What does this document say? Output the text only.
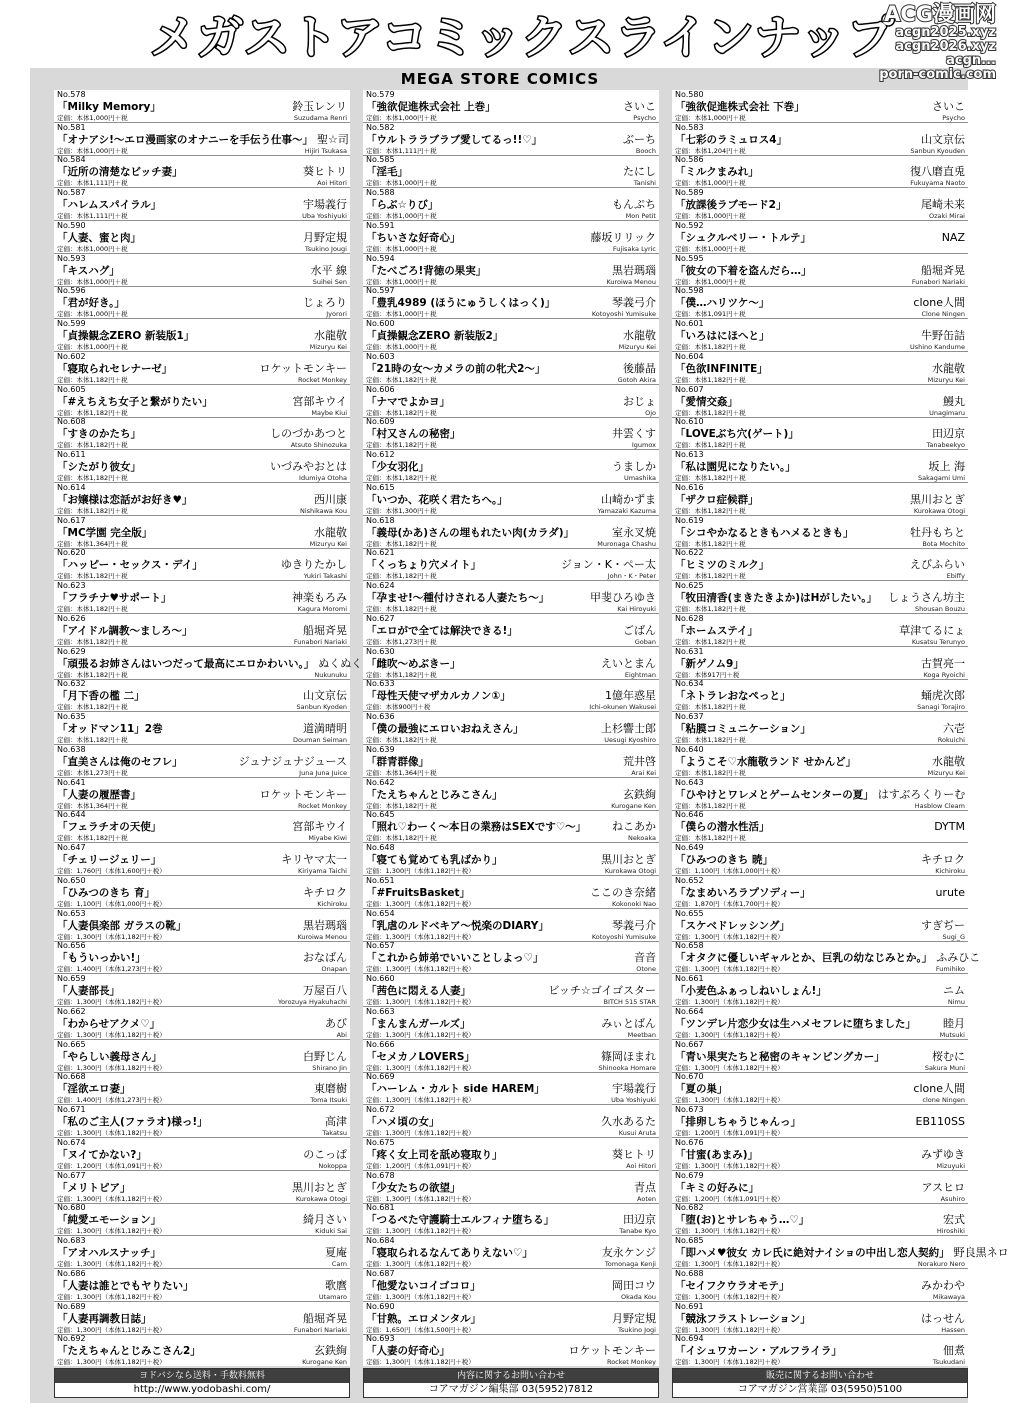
メガストアコミックスラインナップ
MEGA STORE COMICS
ACG漫画网
acgn2025.xyz
acgn2026.xyz
acgn...
porn-comic.com
No.578
「Milky Memory」	鈴玉レンリ
定価：本体1,000円＋税	Suzudama Renri
No.581
「オナアシ!～エロ漫画家のオナニーを手伝う仕事～」 聖☆司
定価：本体1,000円＋税	Hijiri Tsukasa
No.584
「近所の清楚なビッチ妻」	葵ヒトリ
定価：本体1,111円＋税	Aoi Hitori
No.587
「ハレムスパイラル」	宇場義行
定価：本体1,111円＋税	Uba Yoshiyuki
No.590
「人妻、蜜と肉」	月野定規
定価：本体1,000円＋税	Tsukino Jougi
No.593
「キスハグ」	水平 線
定価：本体1,000円＋税	Suihei Sen
No.596
「君が好き。」	じょろり
定価：本体1,000円＋税	Jyorori
No.599
「貞操観念ZERO 新装版1」	水龍敬
定価：本体1,000円＋税	Mizuryu Kei
No.602
「寝取られセレナーゼ」	ロケットモンキー
定価：本体1,182円＋税	Rocket Monkey
No.605
「#えちえち女子と繋がりたい」	宮部キウイ
定価：本体1,182円＋税	Maybe Kiui
No.608
「すきのかたち」	しのづかあつと
定価：本体1,182円＋税	Atsuto Shinozuka
No.611
「シたがり彼女」	いづみやおとは
定価：本体1,182円＋税	Idumiya Otoha
No.614
「お嬢様は恋話がお好き♥」	西川康
定価：本体1,182円＋税	Nishikawa Kou
No.617
「MC学園 完全版」	水龍敬
定価：本体1,364円＋税	Mizuryu Kei
No.620
「ハッピー・セックス・デイ」	ゆきりたかし
定価：本体1,182円＋税	Yukiri Takashi
No.623
「フラチナ♥サポート」	神楽もろみ
定価：本体1,182円＋税	Kagura Moromi
No.626
「アイドル調教～ましろ～」	船堀斉晃
定価：本体1,182円＋税	Funabori Nariaki
No.629
「頑張るお姉さんはいつだって最高にエロかわいい。」 ぬくぬく
定価：本体1,182円＋税	Nukunuku
No.632
「月下香の檻 二」	山文京伝
定価：本体1,182円＋税	Sanbun Kyoden
No.635
「オッドマン11」2巻	道満晴明
定価：本体1,182円＋税	Douman Seiman
No.638
「直美さんは俺のセフレ」	ジュナジュナジュース
定価：本体1,273円＋税	Juna Juna Juice
No.641
「人妻の履歴書」	ロケットモンキー
定価：本体1,364円＋税	Rocket Monkey
No.644
「フェラチオの天使」	宮部キウイ
定価：本体1,182円＋税	Miyabe Kiwi
No.647
「チェリージェリー」	キリヤマ太一
定価：1,760円（本体1,600円＋税）	Kiriyama Taichi
No.650
「ひみつのきち 育」	キチロク
定価：1,100円（本体1,000円＋税）	Kichiroku
No.653
「人妻倶楽部 ガラスの靴」	黒岩瑪瑙
定価：1,300円（本体1,182円＋税）	Kuroiwa Menou
No.656
「もういっかい!」	おなばん
定価：1,400円（本体1,273円＋税）	Onapan
No.659
「人妻部長」	万屋百八
定価：1,300円（本体1,182円＋税）	Yorozuya Hyakuhachi
No.662
「わからせアクメ♡」	あび
定価：1,300円（本体1,182円＋税）	Abi
No.665
「やらしい義母さん」	白野じん
定価：1,300円（本体1,182円＋税）	Shirano Jin
No.668
「淫欲エロ妻」	東磨樹
定価：1,400円（本体1,273円＋税）	Toma Itsuki
No.671
「私のご主人(ファラオ)様っ!」	高津
定価：1,300円（本体1,182円＋税）	Takatsu
No.674
「ヌイてかない?」	のこっぱ
定価：1,200円（本体1,091円＋税）	Nokoppa
No.677
「メリトピア」	黒川おとぎ
定価：1,300円（本体1,182円＋税）	Kurokawa Otogi
No.680
「純愛エモーション」	綺月さい
定価：1,300円（本体1,182円＋税）	Kiduki Sai
No.683
「アオハルスナッチ」	夏庵
定価：1,300円（本体1,182円＋税）	Carn
No.686
「人妻は誰とでもヤりたい」	歌麿
定価：1,300円（本体1,182円＋税）	Utamaro
No.689
「人妻再調教日誌」	船堀斉晃
定価：1,300円（本体1,182円＋税）	Funabori Nariaki
No.692
「たえちゃんとじみこさん2」	玄鉄絢
定価：1,300円（本体1,182円＋税）	Kurogane Ken
No.579
「強欲促進株式会社 上巻」	さいこ
定価：本体1,000円＋税	Psycho
No.582
「ウルトララブラブ愛してるっ!!♡」	ぶーち
定価：本体1,111円＋税	Booch
No.585
「淫毛」	たにし
定価：本体1,000円＋税	Tanishi
No.588
「らぶ☆りび」	もんぷち
定価：本体1,000円＋税	Mon Petit
No.591
「ちいさな好奇心」	藤坂リリック
定価：本体1,000円＋税	Fujisaka Lyric
No.594
「たべごろ!背徳の果実」	黒岩瑪瑙
定価：本体1,000円＋税	Kuroiwa Menou
No.597
「豊乳4989 (ほうにゅうしくはっく)」	琴義弓介
定価：本体1,000円＋税	Kotoyoshi Yumisuke
No.600
「貞操観念ZERO 新装版2」	水龍敬
定価：本体1,000円＋税	Mizuryu Kei
No.603
「21時の女～カメラの前の牝犬2～」	後藤晶
定価：本体1,182円＋税	Gotoh Akira
No.606
「ナマでよかヨ」	おじょ
定価：本体1,182円＋税	Ojo
No.609
「村又さんの秘密」	井雲くす
定価：本体1,182円＋税	Igumox
No.612
「少女羽化」	うましか
定価：本体1,182円＋税	Umashika
No.615
「いつか、花咲く君たちへ。」	山崎かずま
定価：本体1,300円＋税	Yamazaki Kazuma
No.618
「義母(かあ)さんの埋もれたい肉(カラダ)」	室永叉焼
定価：本体1,182円＋税	Muronaga Chashu
No.621
「くっちょり穴メイト」	ジョン・K・ペー太
定価：本体1,182円＋税	John・K・Peter
No.624
「孕ませ!～種付けされる人妻たち～」	甲斐ひろゆき
定価：本体1,182円＋税	Kai Hiroyuki
No.627
「エロがで全ては解決できる!」	ごばん
定価：本体1,273円＋税	Goban
No.630
「雌吹～めぶきー」	えいとまん
定価：本体1,182円＋税	Eightman
No.633
「母性天使マザカルカノン①」	1億年惑星
定価：本体900円＋税	Ichi-okunen Wakusei
No.636
「僕の最強にエロいおねえさん」	上杉響士郎
定価：本体1,182円＋税	Uesugi Kyoshiro
No.639
「群青群像」	荒井啓
定価：本体1,364円＋税	Arai Kei
No.642
「たえちゃんとじみこさん」	玄鉄絢
定価：本体1,182円＋税	Kurogane Ken
No.645
「照れ♡わーく～本日の業務はSEXです♡～」 ねこあか
定価：本体1,182円＋税	Nekoaka
No.648
「寝ても覚めても乳ばかり」	黒川おとぎ
定価：1,300円（本体1,182円＋税）	Kurokawa Otogi
No.651
「#FruitsBasket」	ここのき奈緒
定価：1,300円（本体1,182円＋税）	Kokonoki Nao
No.654
「乳虐のルドベキア～悦楽のDIARY」	琴義弓介
定価：1,300円（本体1,182円＋税）	Kotoyoshi Yumisuke
No.657
「これから姉弟でいいことしよっ♡」	音音
定価：1,300円（本体1,182円＋税）	Otone
No.660
「茜色に悶える人妻」	ビッチ☆ゴイゴスター
定価：1,300円（本体1,182円＋税）	BITCH 515 STAR
No.663
「まんまんガールズ」	みぃとばん
定価：1,300円（本体1,182円＋税）	Meetban
No.666
「セメカノLOVERS」	篠岡ほまれ
定価：1,300円（本体1,182円＋税）	Shinooka Homare
No.669
「ハーレム・カルト side HAREM」	宇場義行
定価：1,300円（本体1,182円＋税）	Uba Yoshiyuki
No.672
「ハメ頃の女」	久水あるた
定価：1,300円（本体1,182円＋税）	Kusui Aruta
No.675
「疼く女上司を舐め寝取り」	葵ヒトリ
定価：1,200円（本体1,091円＋税）	Aoi Hitori
No.678
「少女たちの欲望」	青点
定価：1,300円（本体1,182円＋税）	Aoten
No.681
「つるぺた守護騎士エルフィナ堕ちる」	田辺京
定価：1,300円（本体1,182円＋税）	Tanabe Kyo
No.684
「寝取られるなんてありえない♡」	友永ケンジ
定価：1,300円（本体1,182円＋税）	Tomonaga Kenji
No.687
「他愛ないコイゴコロ」	岡田コウ
定価：1,300円（本体1,182円＋税）	Okada Kou
No.690
「甘熟。エロメンタル」	月野定規
定価：1,650円（本体1,500円＋税）	Tsukino Jogi
No.693
「人妻の好奇心」	ロケットモンキー
定価：1,300円（本体1,182円＋税）	Rocket Monkey
No.580
「強欲促進株式会社 下巻」	さいこ
定価：本体1,000円＋税	Psycho
No.583
「七彩のラミュロス4」	山文京伝
定価：本体1,204円＋税	Sanbun Kyouden
No.586
「ミルクまみれ」	復八磨直兎
定価：本体1,000円＋税	Fukuyama Naoto
No.589
「放課後ラブモード2」	尾崎未来
定価：本体1,000円＋税	Ozaki Mirai
No.592
「シュクルベリー・トルテ」	NAZ
定価：本体1,000円＋税
No.595
「彼女の下着を盗んだら…」	船堀斉晃
定価：本体1,000円＋税	Funabori Nariaki
No.598
「僕…ハリツケ～」	clone人間
定価：本体1,091円＋税	Clone Ningen
No.601
「いろはにほへと」	牛野缶詰
定価：本体1,182円＋税	Ushino Kandume
No.604
「色欲INFINITE」	水龍敬
定価：本体1,182円＋税	Mizuryu Kei
No.607
「愛情交姦」	鰻丸
定価：本体1,182円＋税	Unagimaru
No.610
「LOVEぶち穴(ゲート)」	田辺京
定価：本体1,182円＋税	Tanabeekyo
No.613
「私は園児になりたい。」	坂上 海
定価：本体1,182円＋税	Sakagami Umi
No.616
「ザクロ症候群」	黒川おとぎ
定価：本体1,182円＋税	Kurokawa Otogi
No.619
「シコやかなるときもハメるときも」	牡丹もちと
定価：本体1,182円＋税	Bota Mochito
No.622
「ヒミツのミルク」	えびふらい
定価：本体1,182円＋税	Ebiffy
No.625
「牧田清香(まきたきよか)はHがしたい。」 しょうさん坊主
定価：本体1,182円＋税	Shousan Bouzu
No.628
「ホームステイ」	草津てるにょ
定価：本体1,182円＋税	Kusatsu Terunyo
No.631
「新ゲノム9」	古賀亮一
定価：本体917円＋税	Koga Ryoichi
No.634
「ネトラレおなぺっと」	蛹虎次郎
定価：本体1,182円＋税	Sanagi Torajiro
No.637
「粘膜コミュニケーション」	六壱
定価：本体1,182円＋税	Rokuichi
No.640
「ようこそ♡水龍敬ランド せかんど」	水龍敬
定価：本体1,182円＋税	Mizuryu Kei
No.643
「ひやけとワレメとゲームセンターの夏」 はすぶろくりーむ
定価：本体1,182円＋税	Hasblow Cleam
No.646
「僕らの潜水性活」	DYTM
定価：本体1,182円＋税
No.649
「ひみつのきち 暁」	キチロク
定価：1,100円（本体1,000円＋税）	Kichiroku
No.652
「なまめいろラプソディー」	urute
定価：1,870円（本体1,700円＋税）
No.655
「スケベドレッシング」	すぎぢー
定価：1,300円（本体1,182円＋税）	Sugi_G
No.658
「オタクに優しいギャルとか、巨乳の幼なじみとか。」 ふみひこ
定価：1,300円（本体1,182円＋税）	Fumihiko
No.661
「小麦色ふぁっしねいしょん!」	ニム
定価：1,300円（本体1,182円＋税）	Nimu
No.664
「ツンデレ片恋少女は生ハメセフレに堕ちました」 睦月
定価：1,300円（本体1,182円＋税）	Mutsuki
No.667
「青い果実たちと秘密のキャンピングカー」	桜むに
定価：1,300円（本体1,182円＋税）	Sakura Muni
No.670
「夏の巣」	clone人間
定価：1,300円（本体1,182円＋税）	clone Ningen
No.673
「排卵しちゃうじゃんっ」	EB110SS
定価：1,200円（本体1,091円＋税）
No.676
「甘蜜(あまみ)」	みずゆき
定価：1,300円（本体1,182円＋税）	Mizuyuki
No.679
「キミの好みに」	アスヒロ
定価：1,200円（本体1,091円＋税）	Asuhiro
No.682
「堕(お)とサレちゃう…♡」	宏式
定価：1,300円（本体1,182円＋税）	Hiroshiki
No.685
「即ハメ♥彼女 カレ氏に絶対ナイショの中出し恋人契約」 野良黒ネロ
定価：1,300円（本体1,182円＋税）	Norakuro Nero
No.688
「セイフクウラオモテ」	みかわや
定価：1,300円（本体1,182円＋税）	Mikawaya
No.691
「競泳フラストレーション」	はっせん
定価：1,300円（本体1,182円＋税）	Hassen
No.694
「イシュワカーン・アルフライラ」	佃煮
定価：1,300円（本体1,182円＋税）	Tsukudani
ヨドバシなら送料・手数料無料
http://www.yodobashi.com/
内容に関するお問い合わせ
コアマガジン編集部 03(5952)7812
販売に関するお問い合わせ
コアマガジン営業部 03(5950)5100
